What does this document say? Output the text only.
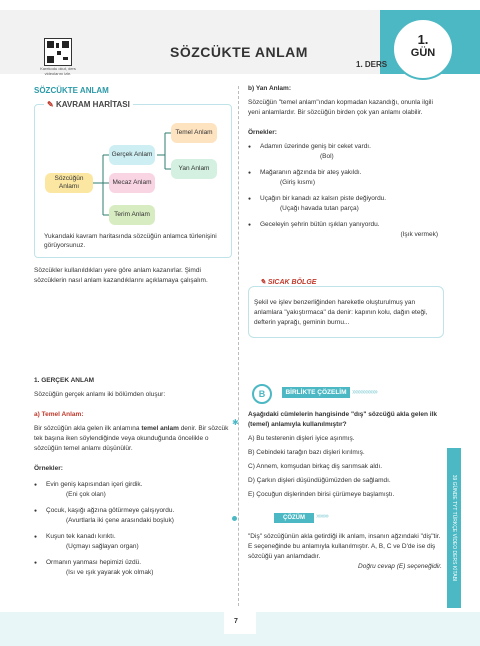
Karekodu okut, ders videolarını izle.
SÖZCÜKTE ANLAM
1. DERS
1.
GÜN
SÖZCÜKTE ANLAM
Sözcüğün Anlamı
Gerçek Anlam
Mecaz Anlam
Terim Anlam
Temel Anlam
Yan Anlam
✎ KAVRAM HARİTASI
Yukarıdaki kavram haritasında sözcüğün anlamca türlenişini görüyorsunuz.
Sözcükler kullanıldıkları yere göre anlam kazanırlar. Şimdi sözcüklerin nasıl anlam kazandıklarını açıklamaya çalışalım.
1. GERÇEK ANLAM
Sözcüğün gerçek anlamı iki bölümden oluşur:
a) Temel Anlam:
Bir sözcüğün akla gelen ilk anlamına temel anlam denir. Bir sözcük tek başına iken söylendiğinde veya okunduğunda öncelikle o sözcüğün temel anlamı düşünülür.
Örnekler:
● Evin geniş kapısından içeri girdik.
(Eni çok olan)
● Çocuk, kaşığı ağzına götürmeye çalışıyordu.
(Avurtlarla iki çene arasındaki boşluk)
● Kuşun tek kanadı kırıktı.
(Uçmayı sağlayan organ)
● Ormanın yanması hepimizi üzdü.
(Isı ve ışık yayarak yok olmak)
✱
b) Yan Anlam:
Sözcüğün "temel anlam"ından kopmadan kazandığı, onunla ilgili yeni anlamlardır. Bir sözcüğün birden çok yan anlamı olabilir.
Örnekler:
● Adamın üzerinde geniş bir ceket vardı.
(Bol)
● Mağaranın ağzında bir ateş yakıldı.
(Giriş kısmı)
● Uçağın bir kanadı az kalsın piste değiyordu.
(Uçağı havada tutan parça)
● Geceleyin şehrin bütün ışıkları yanıyordu.
(Işık vermek)
✎ SICAK BÖLGE
Şekil ve işlev benzerliğinden hareketle oluşturulmuş yan anlamlara "yakıştırmaca" da denir: kapının kolu, dağın eteği, defterin yaprağı, geminin burnu...
B	BİRLİKTE ÇÖZELİM ›››››››››››››››
Aşağıdaki cümlelerin hangisinde "dış" sözcüğü akla gelen ilk (temel) anlamıyla kullanılmıştır?
A) Bu testerenin dişleri iyice aşınmış.
B) Cebindeki tarağın bazı dişleri kırılmış.
C) Annem, komşudan birkaç diş sarımsak aldı.
D) Çarkın dişleri düşündüğümüzden de sağlamdı.
E) Çocuğun dişlerinden birisi çürümeye başlamıştı.
ÇÖZÜM	›››››››››
"Diş" sözcüğünün akla getirdiği ilk anlam, insanın ağzındaki "diş"tir. E seçeneğinde bu anlamıyla kullanılmıştır. A, B, C ve D'de ise diş sözcüğü yan anlamdadır.
Doğru cevap (E) seçeneğidir.	39 GÜNDE TYT TÜRKÇE VİDEO DERS KİTABI
7
